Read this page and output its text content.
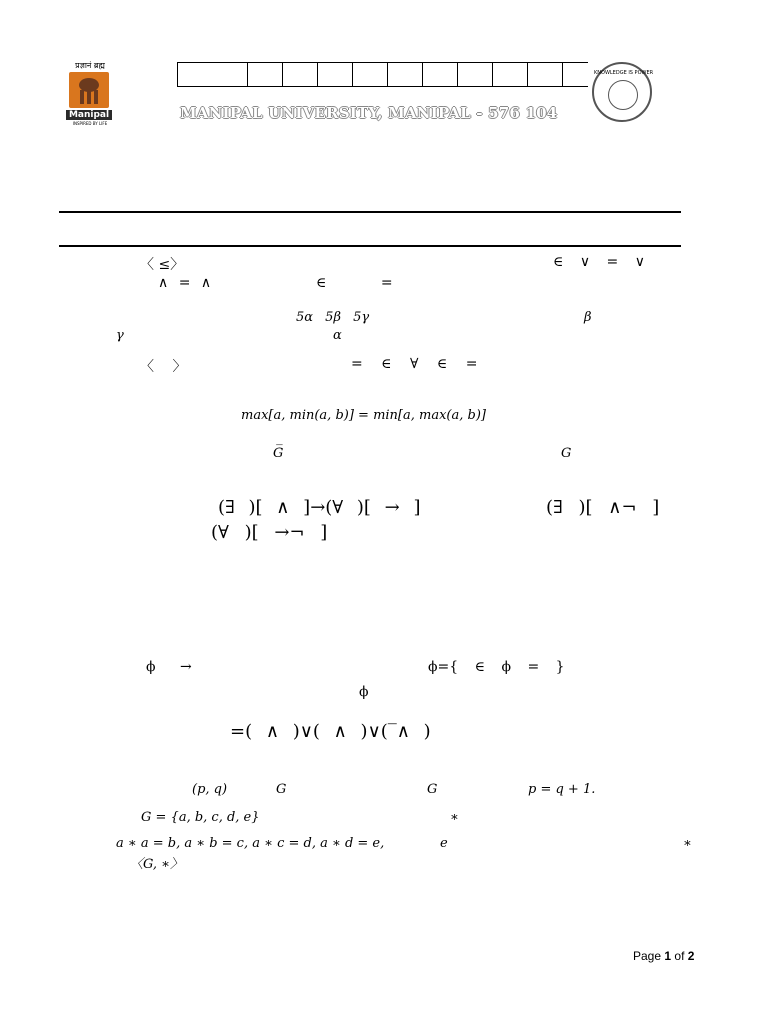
प्रज्ञानं ब्रह्म
Manipal
INSPIRED BY LIFE
MANIPAL UNIVERSITY, MANIPAL - 576 104
KNOWLEDGE IS POWER
〈 ≤〉	∈ ∨ = ∨
∧ = ∧	∈ =
5α 5β 5γ	β
γ	α
〈 〉	= ∈ ∀ ∈ =
max[a, min(a, b)] = min[a, max(a, b)]
G̅	G
(∃ )[ ∧ ]→(∀ )[ → ]	(∃ )[ ∧¬ ]
(∀ )[ →¬ ]
ϕ →	ϕ={ ∈ ϕ = }
ϕ
=( ∧ )∨( ∧ )∨(‾∧ )
(p, q)	G	G	p = q + 1.
G = {a, b, c, d, e}	∗
a ∗ a = b, a ∗ b = c, a ∗ c = d, a ∗ d = e,	e	∗
〈G, ∗〉
Page 1 of 2
